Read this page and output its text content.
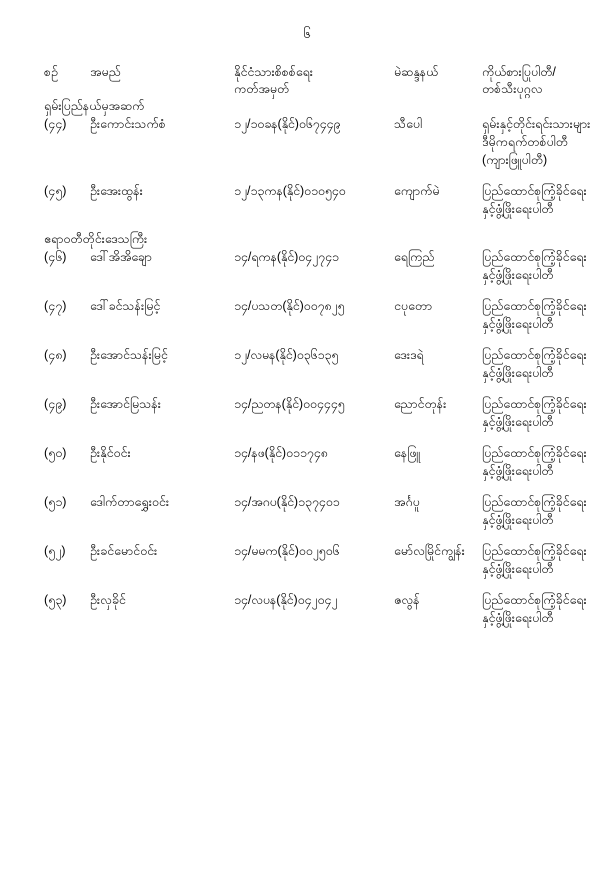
၆
စဉ်	အမည်	နိုင်ငံသားစိစစ်ရေး
ကတ်အမှတ်	မဲဆန္ဒနယ်	ကိုယ်စားပြုပါတီ/
တစ်သီးပုဂ္ဂလ

ရှမ်းပြည်နယ်မှအဆက်				

(၄၄)	ဦးကောင်းသက်စံ	၁၂/၁၀ခန(နိုင်)၀၆၇၄၄၉	သီပေါ	ရှမ်းနှင့်တိုင်းရင်းသားများ
ဒီမိုကရက်တစ်ပါတီ
(ကျားဖြူပါတီ)

(၄၅)	ဦးအေးထွန်း	၁၂/၁၃ကန(နိုင်)၀၁၀၅၄၀	ကျောက်မဲ	ပြည်ထောင်စုကြံ့ခိုင်ရေး
နှင့်ဖွံ့ဖြိုးရေးပါတီ

ဧရာဝတီတိုင်းဒေသကြီး				

(၄၆)	ဒေါ်အိအိချော	၁၄/ရကန(နိုင်)၀၄၂၇၄၁	ရေကြည်	ပြည်ထောင်စုကြံ့ခိုင်ရေး
နှင့်ဖွံ့ဖြိုးရေးပါတီ

(၄၇)	ဒေါ်ခင်သန်းမြင့်	၁၄/ပသတ(နိုင်)၀၀၇၈၂၅	ငပုတော	ပြည်ထောင်စုကြံ့ခိုင်ရေး
နှင့်ဖွံ့ဖြိုးရေးပါတီ

(၄၈)	ဦးအောင်သန်းမြင့်	၁၂/လမန(နိုင်)၀၃၆၁၃၅	ဒေးဒရဲ	ပြည်ထောင်စုကြံ့ခိုင်ရေး
နှင့်ဖွံ့ဖြိုးရေးပါတီ

(၄၉)	ဦးအောင်မြသန်း	၁၄/ညတန(နိုင်)၀၀၄၄၄၅	ညောင်တုန်း	ပြည်ထောင်စုကြံ့ခိုင်ရေး
နှင့်ဖွံ့ဖြိုးရေးပါတီ

(၅၀)	ဦးနိုင်ဝင်း	၁၄/နဖ(နိုင်)၀၁၁၇၄၈	နေဖြူ	ပြည်ထောင်စုကြံ့ခိုင်ရေး
နှင့်ဖွံ့ဖြိုးရေးပါတီ

(၅၁)	ဒေါက်တာရွှေးဝင်း	၁၄/အဂပ(နိုင်)၁၃၇၄၀၁	အင်္ဂပူ	ပြည်ထောင်စုကြံ့ခိုင်ရေး
နှင့်ဖွံ့ဖြိုးရေးပါတီ

(၅၂)	ဦးခင်မောင်ဝင်း	၁၄/မမက(နိုင်)၀၀၂၅၀၆	မော်လမြိုင်ကျွန်း	ပြည်ထောင်စုကြံ့ခိုင်ရေး
နှင့်ဖွံ့ဖြိုးရေးပါတီ

(၅၃)	ဦးလှခိုင်	၁၄/လပန(နိုင်)၀၄၂၀၄၂	ဇလွန်	ပြည်ထောင်စုကြံ့ခိုင်ရေး
နှင့်ဖွံ့ဖြိုးရေးပါတီ
